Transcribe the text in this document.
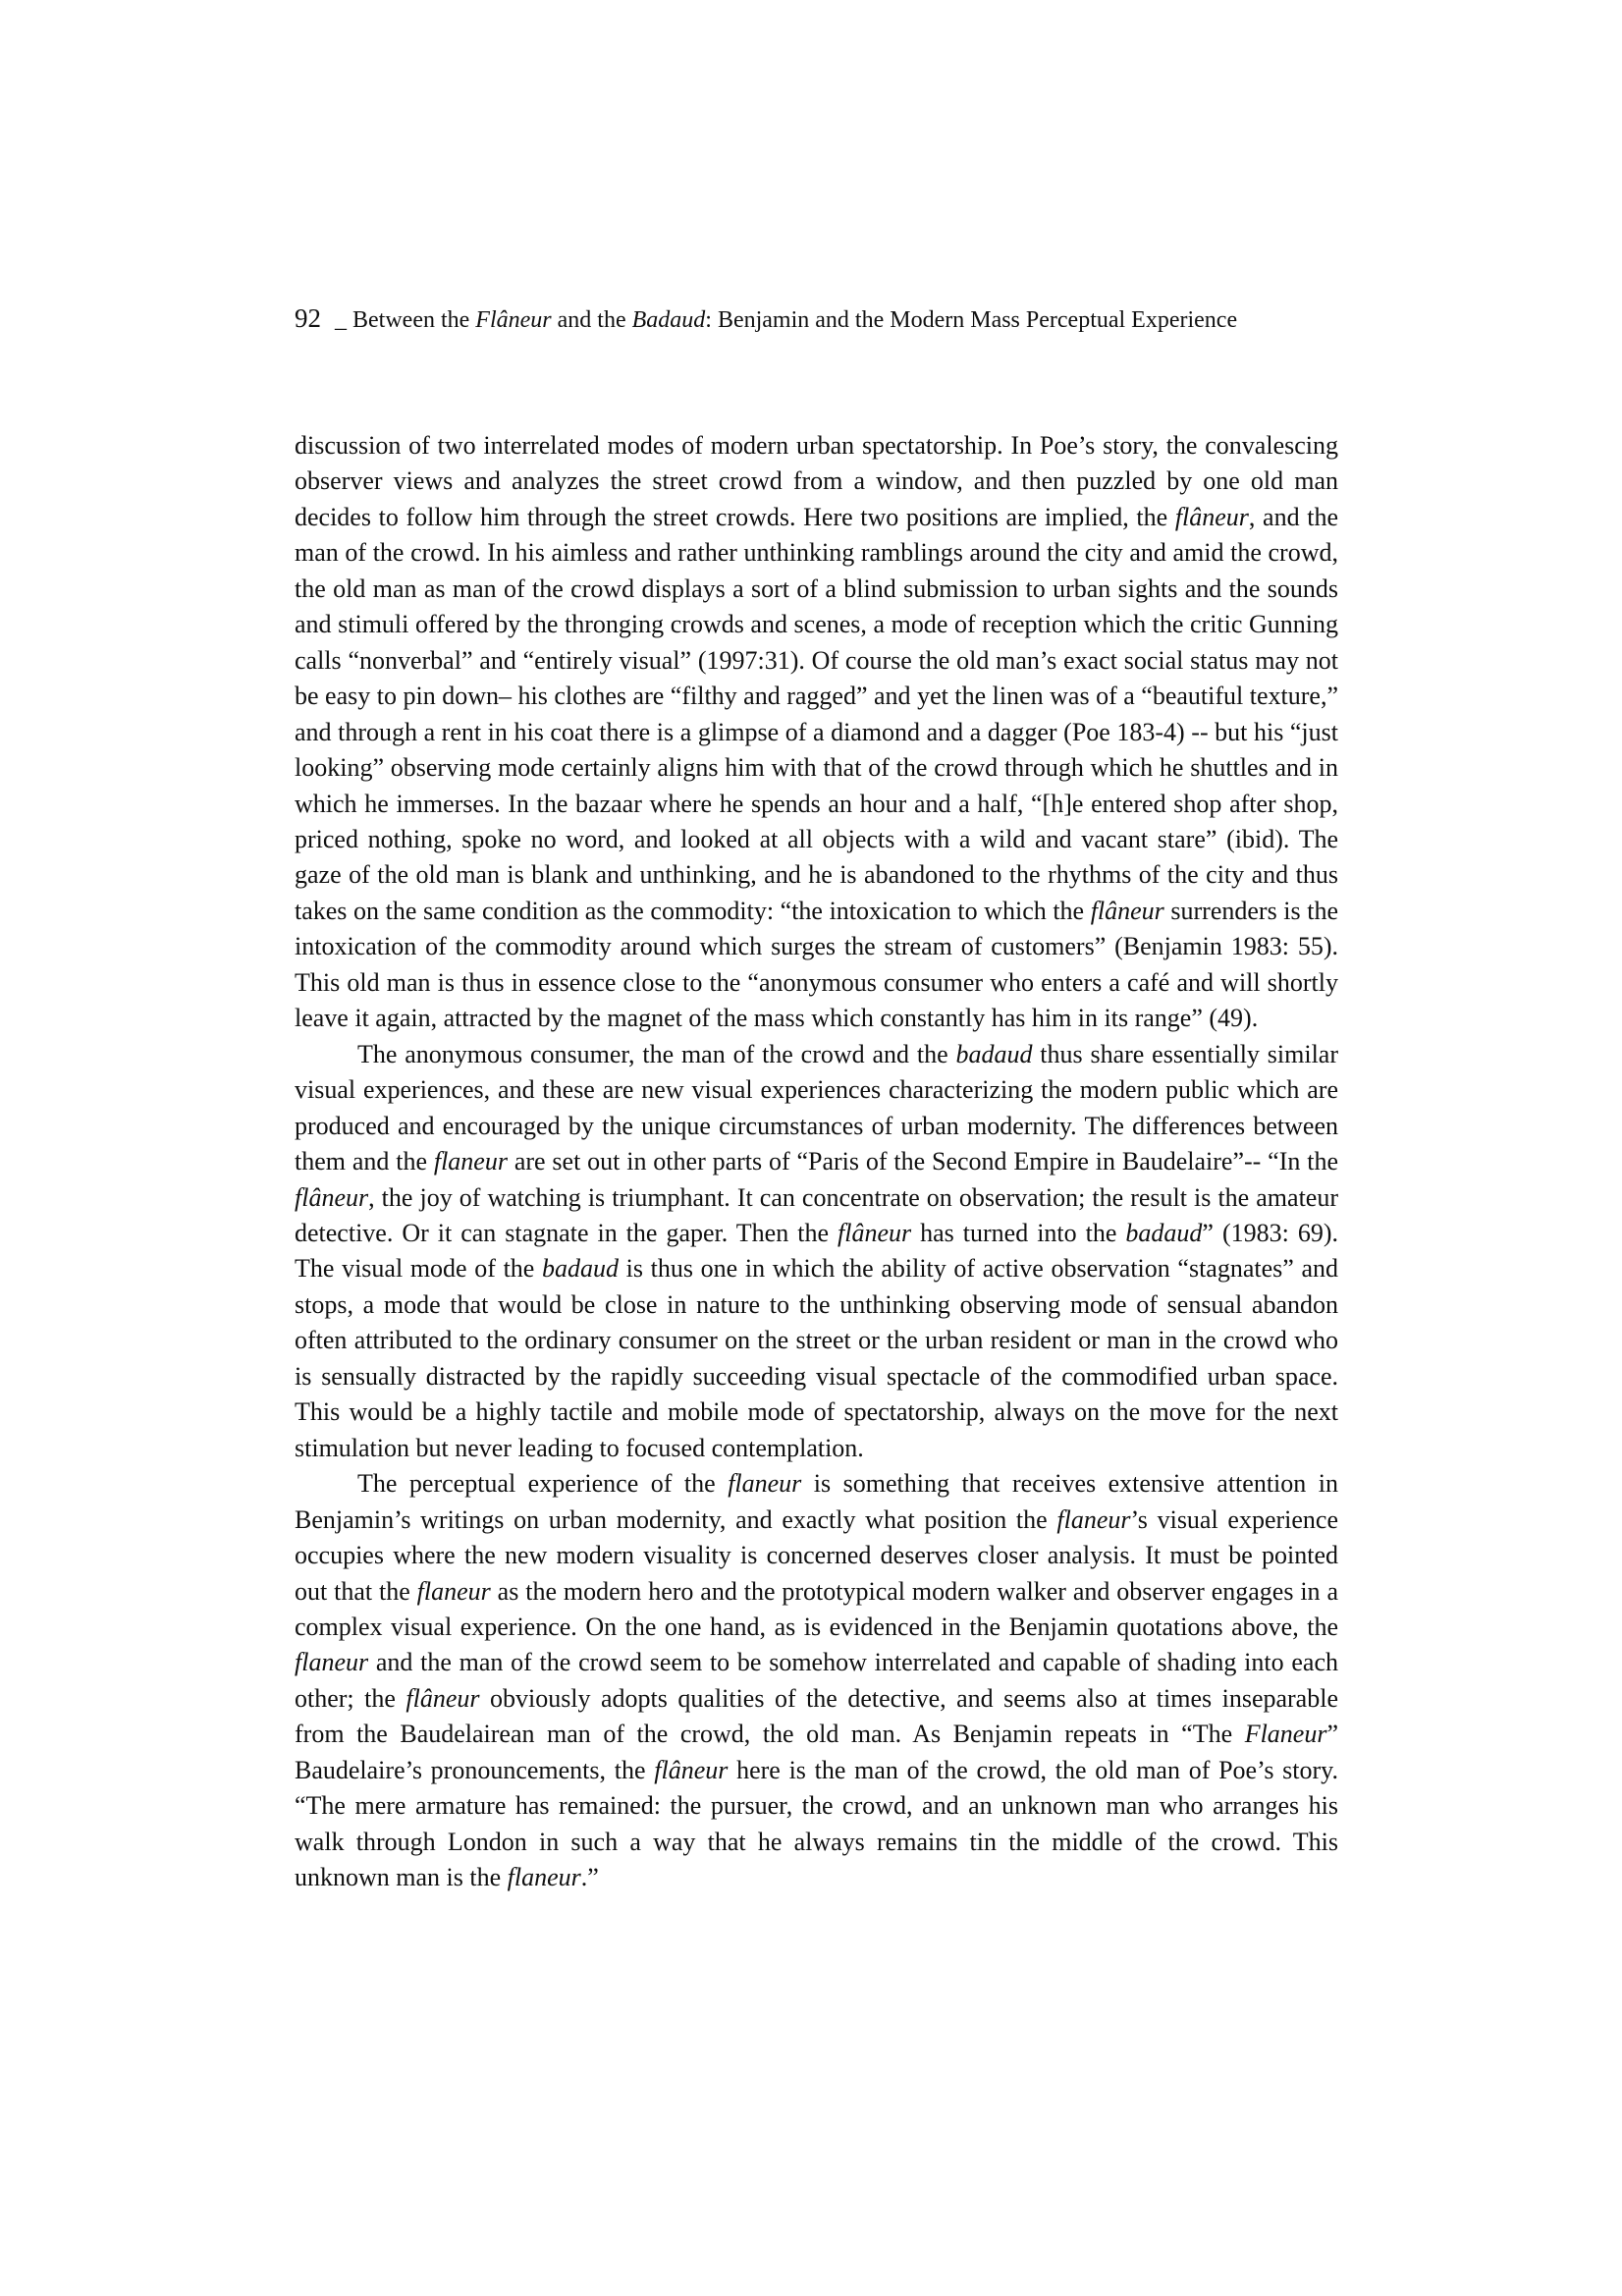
92 _ Between the Flâneur and the Badaud: Benjamin and the Modern Mass Perceptual Experience

discussion of two interrelated modes of modern urban spectatorship. In Poe’s story, the convalescing observer views and analyzes the street crowd from a window, and then puzzled by one old man decides to follow him through the street crowds. Here two positions are implied, the flâneur, and the man of the crowd. In his aimless and rather unthinking ramblings around the city and amid the crowd, the old man as man of the crowd displays a sort of a blind submission to urban sights and the sounds and stimuli offered by the thronging crowds and scenes, a mode of reception which the critic Gunning calls “nonverbal” and “entirely visual” (1997:31). Of course the old man’s exact social status may not be easy to pin down– his clothes are “filthy and ragged” and yet the linen was of a “beautiful texture,” and through a rent in his coat there is a glimpse of a diamond and a dagger (Poe 183-4) -- but his “just looking” observing mode certainly aligns him with that of the crowd through which he shuttles and in which he immerses. In the bazaar where he spends an hour and a half, “[h]e entered shop after shop, priced nothing, spoke no word, and looked at all objects with a wild and vacant stare” (ibid). The gaze of the old man is blank and unthinking, and he is abandoned to the rhythms of the city and thus takes on the same condition as the commodity: “the intoxication to which the flâneur surrenders is the intoxication of the commodity around which surges the stream of customers” (Benjamin 1983: 55). This old man is thus in essence close to the “anonymous consumer who enters a café and will shortly leave it again, attracted by the magnet of the mass which constantly has him in its range” (49).

The anonymous consumer, the man of the crowd and the badaud thus share essentially similar visual experiences, and these are new visual experiences characterizing the modern public which are produced and encouraged by the unique circumstances of urban modernity. The differences between them and the flaneur are set out in other parts of “Paris of the Second Empire in Baudelaire”-- “In the flâneur, the joy of watching is triumphant. It can concentrate on observation; the result is the amateur detective. Or it can stagnate in the gaper. Then the flâneur has turned into the badaud” (1983: 69). The visual mode of the badaud is thus one in which the ability of active observation “stagnates” and stops, a mode that would be close in nature to the unthinking observing mode of sensual abandon often attributed to the ordinary consumer on the street or the urban resident or man in the crowd who is sensually distracted by the rapidly succeeding visual spectacle of the commodified urban space. This would be a highly tactile and mobile mode of spectatorship, always on the move for the next stimulation but never leading to focused contemplation.

The perceptual experience of the flaneur is something that receives extensive attention in Benjamin’s writings on urban modernity, and exactly what position the flaneur’s visual experience occupies where the new modern visuality is concerned deserves closer analysis. It must be pointed out that the flaneur as the modern hero and the prototypical modern walker and observer engages in a complex visual experience. On the one hand, as is evidenced in the Benjamin quotations above, the flaneur and the man of the crowd seem to be somehow interrelated and capable of shading into each other; the flâneur obviously adopts qualities of the detective, and seems also at times inseparable from the Baudelairean man of the crowd, the old man. As Benjamin repeats in “The Flaneur” Baudelaire’s pronouncements, the flâneur here is the man of the crowd, the old man of Poe’s story. “The mere armature has remained: the pursuer, the crowd, and an unknown man who arranges his walk through London in such a way that he always remains tin the middle of the crowd. This unknown man is the flaneur.”
